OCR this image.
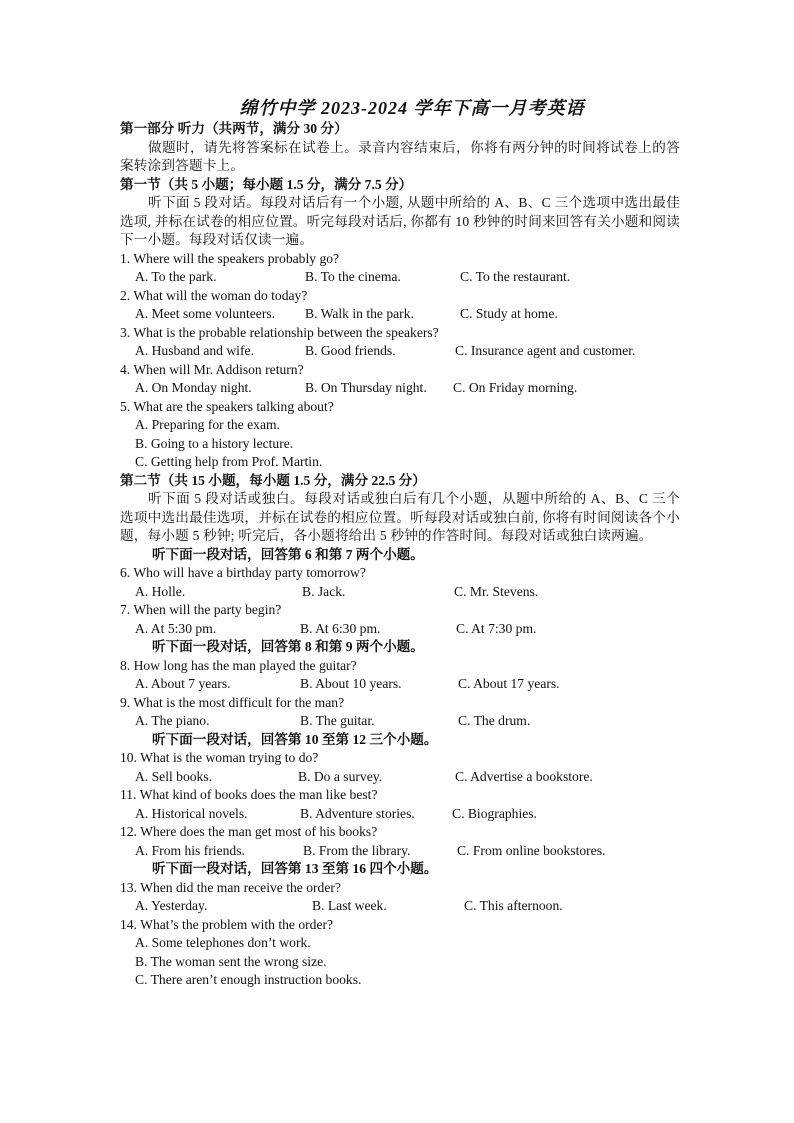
绵竹中学 2023-2024 学年下高一月考英语
第一部分 听力（共两节，满分 30 分）
做题时，请先将答案标在试卷上。录音内容结束后，你将有两分钟的时间将试卷上的答案转涂到答题卡上。
第一节（共 5 小题；每小题 1.5 分，满分 7.5 分）
听下面 5 段对话。每段对话后有一个小题, 从题中所给的 A、B、C 三个选项中选出最佳选项, 并标在试卷的相应位置。听完每段对话后, 你都有 10 秒钟的时间来回答有关小题和阅读下一小题。每段对话仅读一遍。
1. Where will the speakers probably go?
A. To the park.	B. To the cinema.	C. To the restaurant.
2. What will the woman do today?
A. Meet some volunteers. B. Walk in the park.	C. Study at home.
3. What is the probable relationship between the speakers?
A. Husband and wife.	B. Good friends.	C. Insurance agent and customer.
4. When will Mr. Addison return?
A. On Monday night.	B. On Thursday night. C. On Friday morning.
5. What are the speakers talking about?
A. Preparing for the exam.
B. Going to a history lecture.
C. Getting help from Prof. Martin.
第二节（共 15 小题，每小题 1.5 分，满分 22.5 分）
听下面 5 段对话或独白。每段对话或独白后有几个小题，从题中所给的 A、B、C 三个选项中选出最佳选项，并标在试卷的相应位置。听每段对话或独白前, 你将有时间阅读各个小题，每小题 5 秒钟; 听完后，各小题将给出 5 秒钟的作答时间。每段对话或独白读两遍。
听下面一段对话，回答第 6 和第 7 两个小题。
6. Who will have a birthday party tomorrow?
A. Holle.	B. Jack.	C. Mr. Stevens.
7. When will the party begin?
A. At 5:30 pm.	B. At 6:30 pm.	C. At 7:30 pm.
听下面一段对话，回答第 8 和第 9 两个小题。
8. How long has the man played the guitar?
A. About 7 years.	B. About 10 years.	C. About 17 years.
9. What is the most difficult for the man?
A. The piano.	B. The guitar.	C. The drum.
听下面一段对话，回答第 10 至第 12 三个小题。
10. What is the woman trying to do?
A. Sell books.	B. Do a survey.	C. Advertise a bookstore.
11. What kind of books does the man like best?
A. Historical novels.	B. Adventure stories.	C. Biographies.
12. Where does the man get most of his books?
A. From his friends.	B. From the library.	C. From online bookstores.
听下面一段对话，回答第 13 至第 16 四个小题。
13. When did the man receive the order?
A. Yesterday.	B. Last week.	C. This afternoon.
14. What’s the problem with the order?
A. Some telephones don’t work.
B. The woman sent the wrong size.
C. There aren’t enough instruction books.
